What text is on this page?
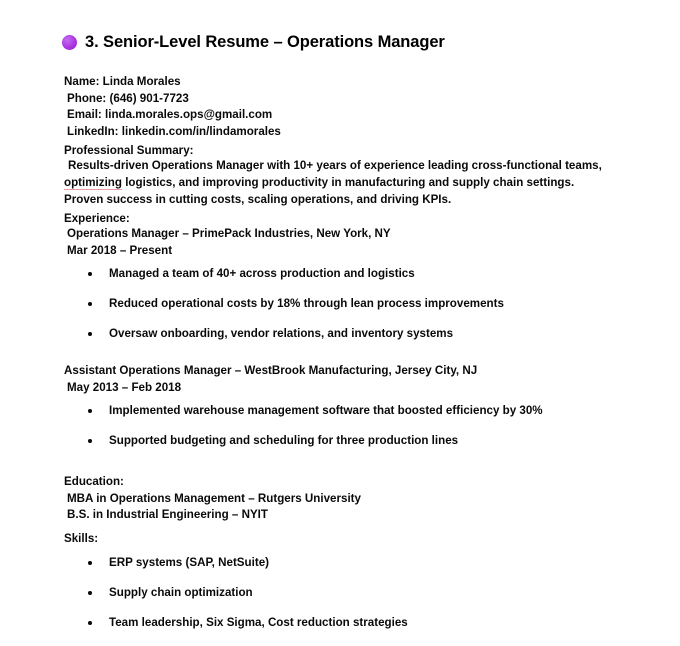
3. Senior-Level Resume – Operations Manager
Name: Linda Morales
Phone: (646) 901-7723
Email: linda.morales.ops@gmail.com
LinkedIn: linkedin.com/in/lindamorales
Professional Summary:
Results-driven Operations Manager with 10+ years of experience leading cross-functional teams, optimizing logistics, and improving productivity in manufacturing and supply chain settings. Proven success in cutting costs, scaling operations, and driving KPIs.
Experience:
Operations Manager – PrimePack Industries, New York, NY
Mar 2018 – Present
Managed a team of 40+ across production and logistics
Reduced operational costs by 18% through lean process improvements
Oversaw onboarding, vendor relations, and inventory systems
Assistant Operations Manager – WestBrook Manufacturing, Jersey City, NJ
May 2013 – Feb 2018
Implemented warehouse management software that boosted efficiency by 30%
Supported budgeting and scheduling for three production lines
Education:
MBA in Operations Management – Rutgers University
B.S. in Industrial Engineering – NYIT
Skills:
ERP systems (SAP, NetSuite)
Supply chain optimization
Team leadership, Six Sigma, Cost reduction strategies
